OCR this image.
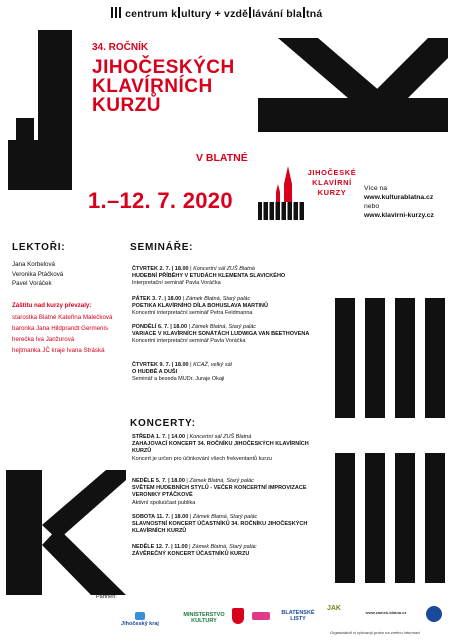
centrum k ultury + vzdě lávání bla tná
34. ROČNÍK
JIHOČESKÝCH
KLAVÍRNÍCH
KURZŮ
V BLATNÉ
1.–12. 7. 2020
JIHOČESKÉ
KLAVÍRNÍ
KURZY	Více na
www.kulturablatna.cz
nebo
www.klavirni-kurzy.cz
LEKTOŘI:
Jana Korbelová
Veronika Ptáčková
Pavel Voráček
Záštitu nad kurzy převzaly:
starostka Blatné Kateřina Malečková
baronka Jana Hildprandt Germenis
herečka Iva Janžurová
hejtmanka JČ kraje Ivana Stráská
SEMINÁŘE:
ČTVRTEK 2. 7. | 18.00 | Koncertní sál ZUŠ Blatná
HUDEBNÍ PŘÍBĚHY V ETUDÁCH KLEMENTA SLAVICKÉHO
Interpretační seminář Pavla Voráčka
PÁTEK 3. 7. | 18.00 | Zámek Blatná, Starý palác
POETIKA KLAVÍRNÍHO DÍLA BOHUSLAVA MARTINŮ
Koncertní interpretační seminář Petra Feldmanna
PONDĚLÍ 6. 7. | 18.00 | Zámek Blatná, Starý palác
VARIACE V KLAVÍRNÍCH SONÁTÁCH LUDWIGA VAN BEETHOVENA
Koncertní interpretační seminář Pavla Voráčka
ČTVRTEK 9. 7. | 18.00 | KCAŽ, velký sál
O HUDBĚ A DUŠI
Seminář a beseda MUDr. Juraje Okaji
KONCERTY:
STŘEDA 1. 7. | 14.00 | Koncertní sál ZUŠ Blatná
ZAHAJOVACÍ KONCERT 34. ROČNÍKU JIHOČESKÝCH KLAVÍRNÍCH KURZŮ
Koncert je určen pro účinkování všech frekventantů kurzu
NEDĚLE 5. 7. | 18.00 | Zámek Blatná, Starý palác
SVĚTEM HUDEBNÍCH STYLŮ - VEČER KONCERTNÍ IMPROVIZACE VERONIKY PTÁČKOVÉ
Aktivní spoluúčast publika
SOBOTA 11. 7. | 18.00 | Zámek Blatná, Starý palác
SLAVNOSTNÍ KONCERT ÚČASTNÍKŮ 34. ROČNÍKU JIHOČESKÝCH KLAVÍRNÍCH KURZŮ
NEDĚLE 12. 7. | 11.00 | Zámek Blatná, Starý palác
ZÁVĚREČNÝ KONCERT ÚČASTNÍKŮ KURZU
Partneři:
Jihočeský kraj
MINISTERSTVO KULTURY
BLATENSKÉ LISTY
JAK
www.zamek-blatna.cz
Organizátoři si vyhrazují právo na změnu informací
